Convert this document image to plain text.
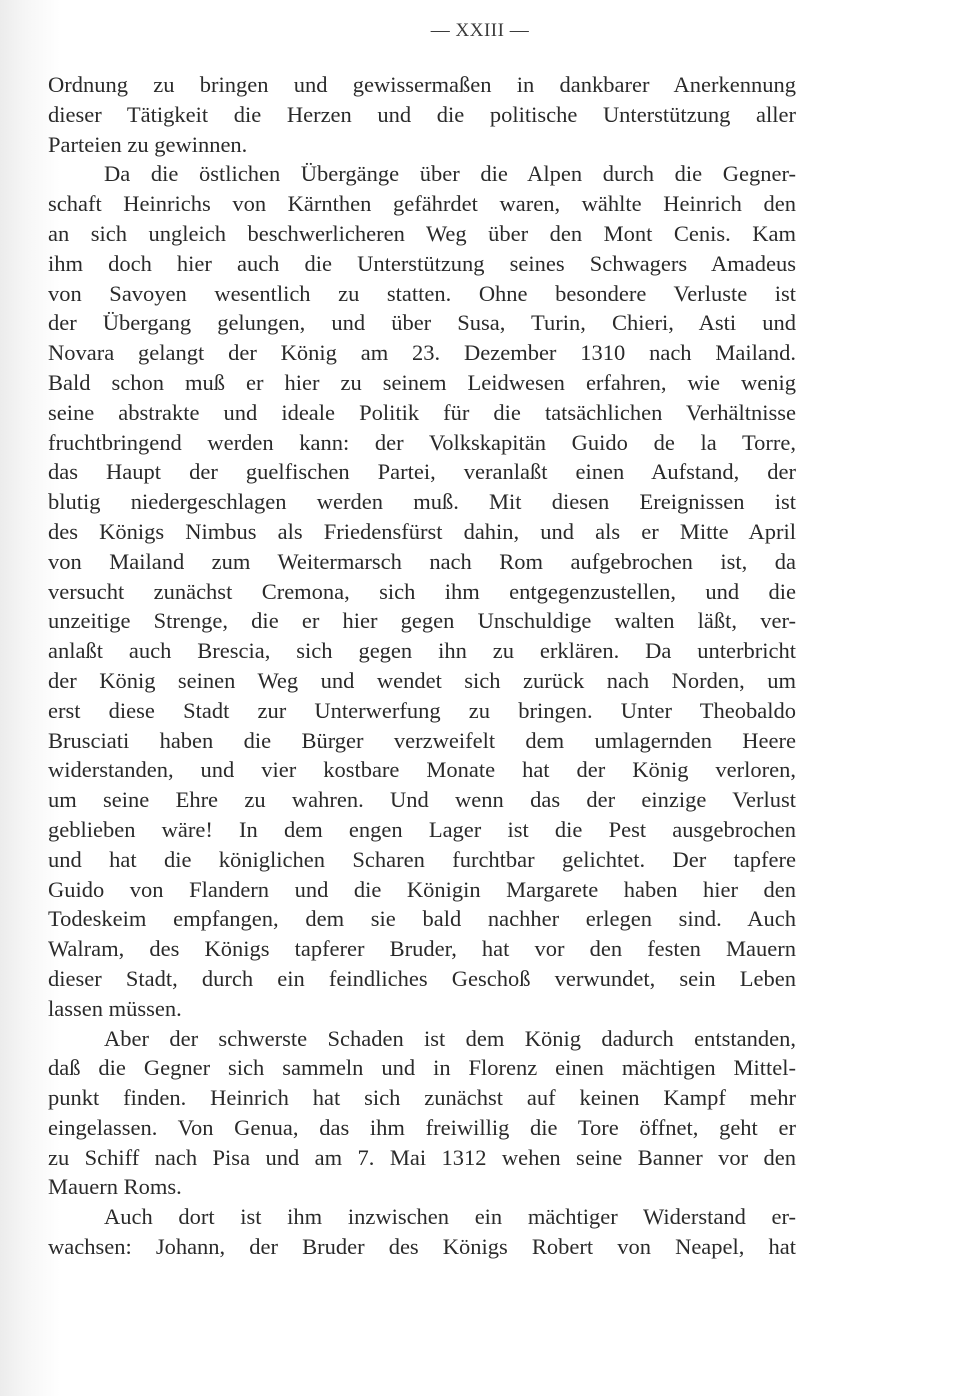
— XXIII —
Ordnung zu bringen und gewissermaßen in dankbarer Anerkennung
dieser Tätigkeit die Herzen und die politische Unterstützung aller
Parteien zu gewinnen.
Da die östlichen Übergänge über die Alpen durch die Gegner-
schaft Heinrichs von Kärnthen gefährdet waren, wählte Heinrich den
an sich ungleich beschwerlicheren Weg über den Mont Cenis. Kam
ihm doch hier auch die Unterstützung seines Schwagers Amadeus
von Savoyen wesentlich zu statten. Ohne besondere Verluste ist
der Übergang gelungen, und über Susa, Turin, Chieri, Asti und
Novara gelangt der König am 23. Dezember 1310 nach Mailand.
Bald schon muß er hier zu seinem Leidwesen erfahren, wie wenig
seine abstrakte und ideale Politik für die tatsächlichen Verhältnisse
fruchtbringend werden kann: der Volkskapitän Guido de la Torre,
das Haupt der guelfischen Partei, veranlaßt einen Aufstand, der
blutig niedergeschlagen werden muß. Mit diesen Ereignissen ist
des Königs Nimbus als Friedensfürst dahin, und als er Mitte April
von Mailand zum Weitermarsch nach Rom aufgebrochen ist, da
versucht zunächst Cremona, sich ihm entgegenzustellen, und die
unzeitige Strenge, die er hier gegen Unschuldige walten läßt, ver-
anlaßt auch Brescia, sich gegen ihn zu erklären. Da unterbricht
der König seinen Weg und wendet sich zurück nach Norden, um
erst diese Stadt zur Unterwerfung zu bringen. Unter Theobaldo
Brusciati haben die Bürger verzweifelt dem umlagernden Heere
widerstanden, und vier kostbare Monate hat der König verloren,
um seine Ehre zu wahren. Und wenn das der einzige Verlust
geblieben wäre! In dem engen Lager ist die Pest ausgebrochen
und hat die königlichen Scharen furchtbar gelichtet. Der tapfere
Guido von Flandern und die Königin Margarete haben hier den
Todeskeim empfangen, dem sie bald nachher erlegen sind. Auch
Walram, des Königs tapferer Bruder, hat vor den festen Mauern
dieser Stadt, durch ein feindliches Geschoß verwundet, sein Leben
lassen müssen.
Aber der schwerste Schaden ist dem König dadurch entstanden,
daß die Gegner sich sammeln und in Florenz einen mächtigen Mittel-
punkt finden. Heinrich hat sich zunächst auf keinen Kampf mehr
eingelassen. Von Genua, das ihm freiwillig die Tore öffnet, geht er
zu Schiff nach Pisa und am 7. Mai 1312 wehen seine Banner vor den
Mauern Roms.
Auch dort ist ihm inzwischen ein mächtiger Widerstand er-
wachsen: Johann, der Bruder des Königs Robert von Neapel, hat
